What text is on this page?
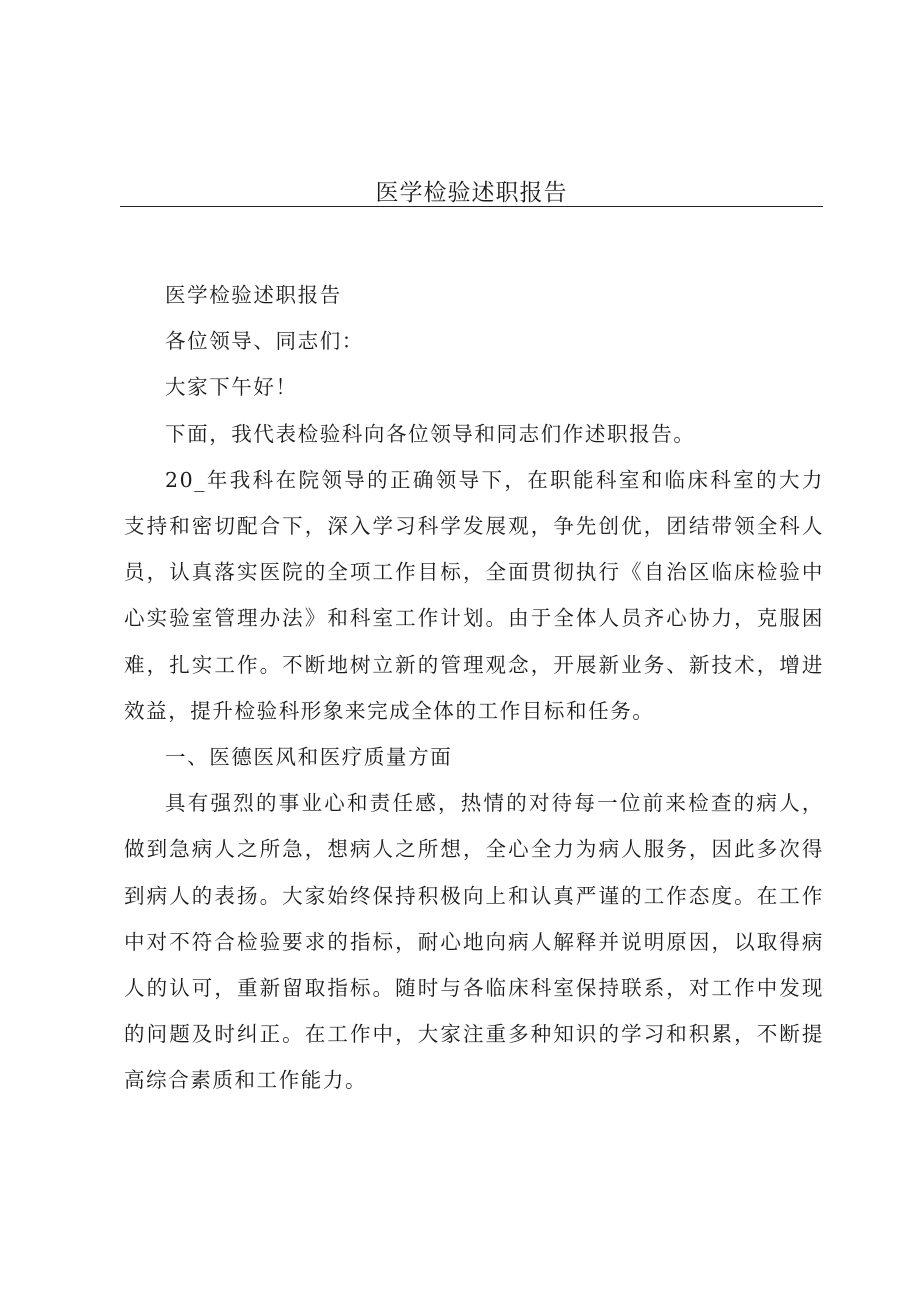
医学检验述职报告

医学检验述职报告

各位领导、同志们：

大家下午好！

下面，我代表检验科向各位领导和同志们作述职报告。

20_年我科在院领导的正确领导下，在职能科室和临床科室的大力支持和密切配合下，深入学习科学发展观，争先创优，团结带领全科人员，认真落实医院的全项工作目标，全面贯彻执行《自治区临床检验中心实验室管理办法》和科室工作计划。由于全体人员齐心协力，克服困难，扎实工作。不断地树立新的管理观念，开展新业务、新技术，增进效益，提升检验科形象来完成全体的工作目标和任务。

一、医德医风和医疗质量方面

具有强烈的事业心和责任感，热情的对待每一位前来检查的病人，做到急病人之所急，想病人之所想，全心全力为病人服务，因此多次得到病人的表扬。大家始终保持积极向上和认真严谨的工作态度。在工作中对不符合检验要求的指标，耐心地向病人解释并说明原因，以取得病人的认可，重新留取指标。随时与各临床科室保持联系，对工作中发现的问题及时纠正。在工作中，大家注重多种知识的学习和积累，不断提高综合素质和工作能力。
